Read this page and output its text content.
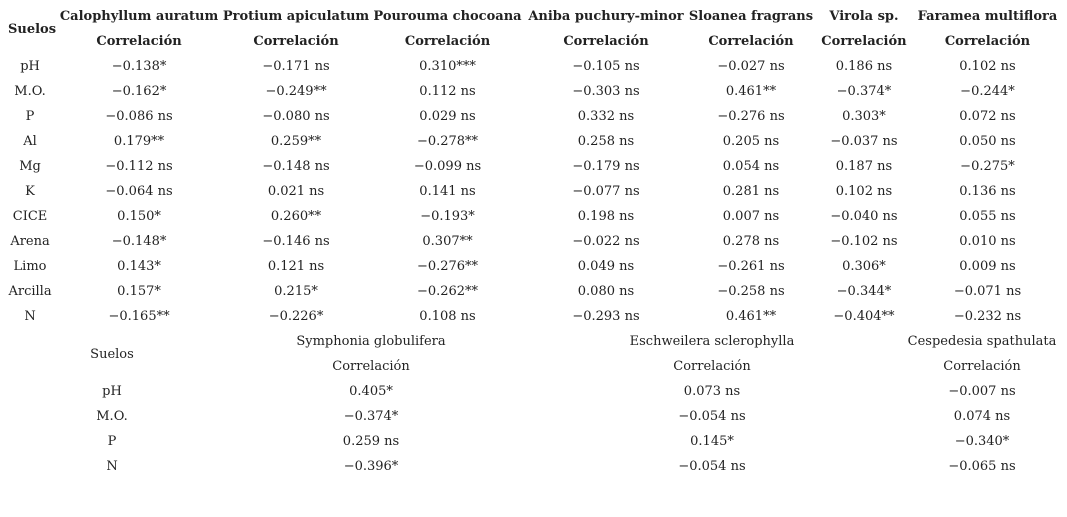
Suelos	Calophyllum auratum	Protium apiculatum	Pourouma chocoana	Aniba puchury-minor	Sloanea fragrans	Virola sp.	Faramea multiflora
	Correlación	Correlación	Correlación	Correlación	Correlación	Correlación	Correlación
pH	−0.138*	−0.171 ns	0.310***	−0.105 ns	−0.027 ns	0.186 ns	0.102 ns
M.O.	−0.162*	−0.249**	0.112 ns	−0.303 ns	0.461**	−0.374*	−0.244*
P	−0.086 ns	−0.080 ns	0.029 ns	0.332 ns	−0.276 ns	0.303*	0.072 ns
Al	0.179**	0.259**	−0.278**	0.258 ns	0.205 ns	−0.037 ns	0.050 ns
Mg	−0.112 ns	−0.148 ns	−0.099 ns	−0.179 ns	0.054 ns	0.187 ns	−0.275*
K	−0.064 ns	0.021 ns	0.141 ns	−0.077 ns	0.281 ns	0.102 ns	0.136 ns
CICE	0.150*	0.260**	−0.193*	0.198 ns	0.007 ns	−0.040 ns	0.055 ns
Arena	−0.148*	−0.146 ns	0.307**	−0.022 ns	0.278 ns	−0.102 ns	0.010 ns
Limo	0.143*	0.121 ns	−0.276**	0.049 ns	−0.261 ns	0.306*	0.009 ns
Arcilla	0.157*	0.215*	−0.262**	0.080 ns	−0.258 ns	−0.344*	−0.071 ns
N	−0.165**	−0.226*	0.108 ns	−0.293 ns	0.461**	−0.404**	−0.232 ns
Suelos	Symphonia globulifera	Eschweilera sclerophylla	Cespedesia spathulata
	Correlación	Correlación	Correlación
pH	0.405*	0.073 ns	−0.007 ns
M.O.	−0.374*	−0.054 ns	0.074 ns
P	0.259 ns	0.145*	−0.340*
N	−0.396*	−0.054 ns	−0.065 ns
